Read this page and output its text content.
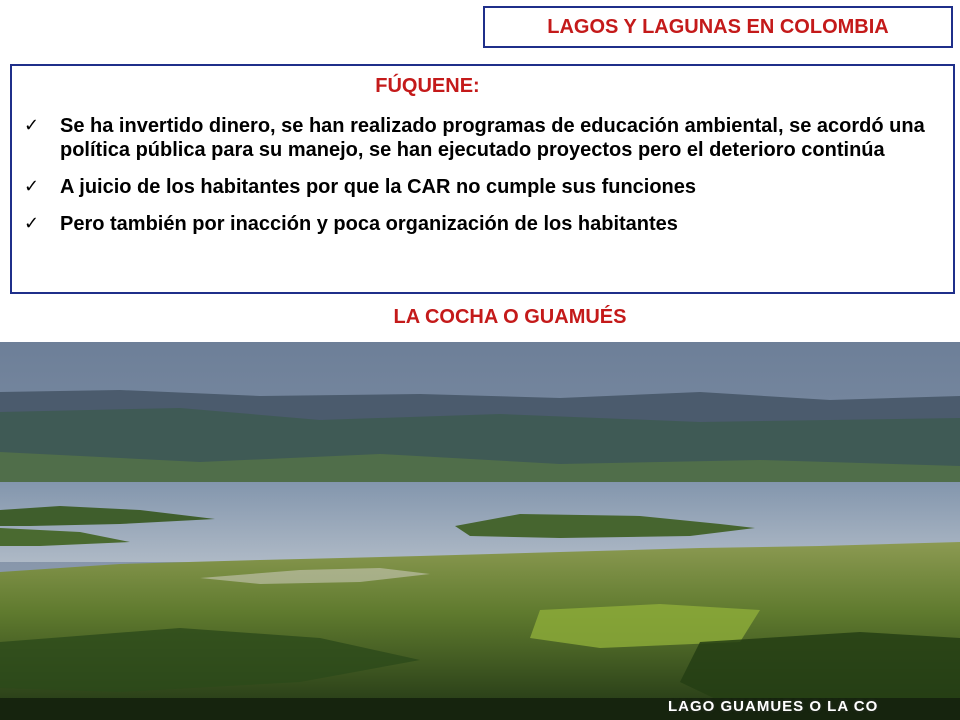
LAGOS Y LAGUNAS EN COLOMBIA
FÚQUENE:
✓ Se ha invertido dinero, se han realizado programas de educación ambiental, se acordó una política pública para su manejo, se han ejecutado proyectos pero el deterioro continúa
✓ A juicio de los habitantes por que la CAR no cumple sus funciones
✓ Pero también por inacción y poca organización de los habitantes
LA COCHA O GUAMUÉS
LAGO GUAMUES O LA CO
